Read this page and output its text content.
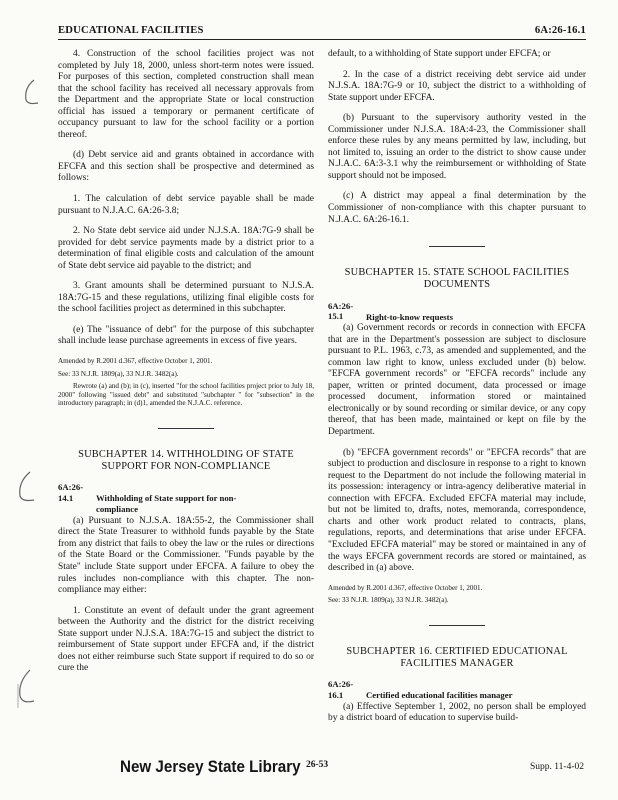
EDUCATIONAL FACILITIES	6A:26-16.1

4. Construction of the school facilities project was not completed by July 18, 2000, unless short-term notes were issued. For purposes of this section, completed construction shall mean that the school facility has received all necessary approvals from the Department and the appropriate State or local construction official has issued a temporary or permanent certificate of occupancy pursuant to law for the school facility or a portion thereof.

(d) Debt service aid and grants obtained in accordance with EFCFA and this section shall be prospective and determined as follows:

1. The calculation of debt service payable shall be made pursuant to N.J.A.C. 6A:26-3.8;

2. No State debt service aid under N.J.S.A. 18A:7G-9 shall be provided for debt service payments made by a district prior to a determination of final eligible costs and calculation of the amount of State debt service aid payable to the district; and

3. Grant amounts shall be determined pursuant to N.J.S.A. 18A:7G-15 and these regulations, utilizing final eligible costs for the school facilities project as determined in this subchapter.

(e) The "issuance of debt" for the purpose of this subchapter shall include lease purchase agreements in excess of five years.

Amended by R.2001 d.367, effective October 1, 2001.

See: 33 N.J.R. 1809(a), 33 N.J.R. 3482(a).

Rewrote (a) and (b); in (c), inserted "for the school facilities project prior to July 18, 2000" following "issued debt" and substituted "subchapter " for "subsection" in the introductory paragraph; in (d)1, amended the N.J.A.C. reference.

SUBCHAPTER 14. WITHHOLDING OF STATE
SUPPORT FOR NON-COMPLIANCE

6A:26-14.1	Withholding of State support for non-
compliance

(a) Pursuant to N.J.S.A. 18A:55-2, the Commissioner shall direct the State Treasurer to withhold funds payable by the State from any district that fails to obey the law or the rules or directions of the State Board or the Commissioner. "Funds payable by the State" include State support under EFCFA. A failure to obey the rules includes non-compliance with this chapter. The non-compliance may either:

1. Constitute an event of default under the grant agreement between the Authority and the district for the district receiving State support under N.J.S.A. 18A:7G-15 and subject the district to reimbursement of State support under EFCFA and, if the district does not either reimburse such State support if required to do so or cure the

default, to a withholding of State support under EFCFA; or

2. In the case of a district receiving debt service aid under N.J.S.A. 18A:7G-9 or 10, subject the district to a withholding of State support under EFCFA.

(b) Pursuant to the supervisory authority vested in the Commissioner under N.J.S.A. 18A:4-23, the Commissioner shall enforce these rules by any means permitted by law, including, but not limited to, issuing an order to the district to show cause under N.J.A.C. 6A:3-3.1 why the reimbursement or withholding of State support should not be imposed.

(c) A district may appeal a final determination by the Commissioner of non-compliance with this chapter pursuant to N.J.A.C. 6A:26-16.1.

SUBCHAPTER 15. STATE SCHOOL FACILITIES
DOCUMENTS

6A:26-15.1	Right-to-know requests

(a) Government records or records in connection with EFCFA that are in the Department's possession are subject to disclosure pursuant to P.L. 1963, c.73, as amended and supplemented, and the common law right to know, unless excluded under (b) below. "EFCFA government records" or "EFCFA records" include any paper, written or printed document, data processed or image processed document, information stored or maintained electronically or by sound recording or similar device, or any copy thereof, that has been made, maintained or kept on file by the Department.

(b) "EFCFA government records" or "EFCFA records" that are subject to production and disclosure in response to a right to known request to the Department do not include the following material in its possession: interagency or intra-agency deliberative material in connection with EFCFA. Excluded EFCFA material may include, but not be limited to, drafts, notes, memoranda, correspondence, charts and other work product related to contracts, plans, regulations, reports, and determinations that arise under EFCFA. "Excluded EFCFA material" may be stored or maintained in any of the ways EFCFA government records are stored or maintained, as described in (a) above.

Amended by R.2001 d.367, effective October 1, 2001.

See: 33 N.J.R. 1809(a), 33 N.J.R. 3482(a).

SUBCHAPTER 16. CERTIFIED EDUCATIONAL
FACILITIES MANAGER

6A:26-16.1	Certified educational facilities manager

(a) Effective September 1, 2002, no person shall be employed by a district board of education to supervise build-

New Jersey State Library 26-53	Supp. 11-4-02
